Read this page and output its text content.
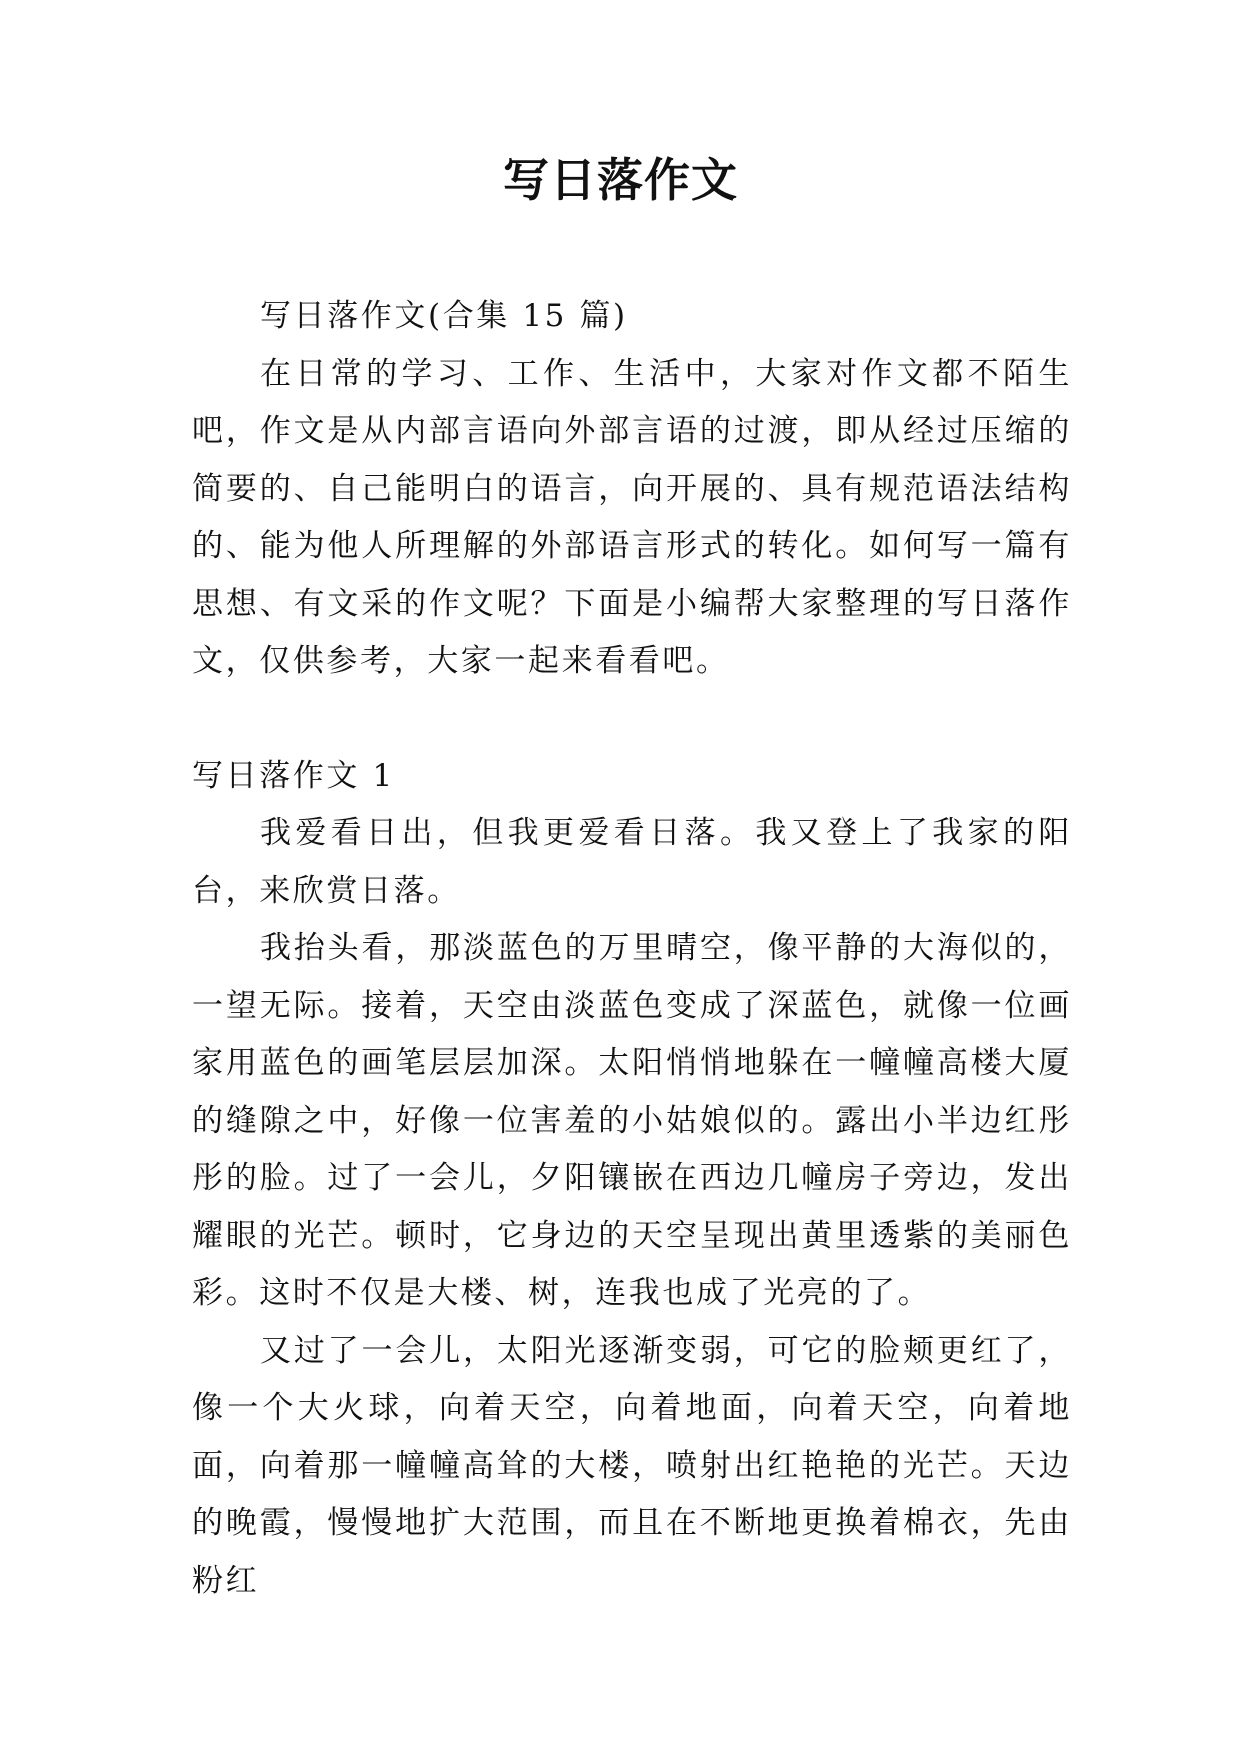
写日落作文

写日落作文(合集 15 篇)

在日常的学习、工作、生活中，大家对作文都不陌生吧，作文是从内部言语向外部言语的过渡，即从经过压缩的简要的、自己能明白的语言，向开展的、具有规范语法结构的、能为他人所理解的外部语言形式的转化。如何写一篇有思想、有文采的作文呢？下面是小编帮大家整理的写日落作文，仅供参考，大家一起来看看吧。

写日落作文 1

我爱看日出，但我更爱看日落。我又登上了我家的阳台，来欣赏日落。

我抬头看，那淡蓝色的万里晴空，像平静的大海似的，一望无际。接着，天空由淡蓝色变成了深蓝色，就像一位画家用蓝色的画笔层层加深。太阳悄悄地躲在一幢幢高楼大厦的缝隙之中，好像一位害羞的小姑娘似的。露出小半边红彤彤的脸。过了一会儿，夕阳镶嵌在西边几幢房子旁边，发出耀眼的光芒。顿时，它身边的天空呈现出黄里透紫的美丽色彩。这时不仅是大楼、树，连我也成了光亮的了。

又过了一会儿，太阳光逐渐变弱，可它的脸颊更红了，像一个大火球，向着天空，向着地面，向着天空，向着地面，向着那一幢幢高耸的大楼，喷射出红艳艳的光芒。天边的晚霞，慢慢地扩大范围，而且在不断地更换着棉衣，先由粉红
